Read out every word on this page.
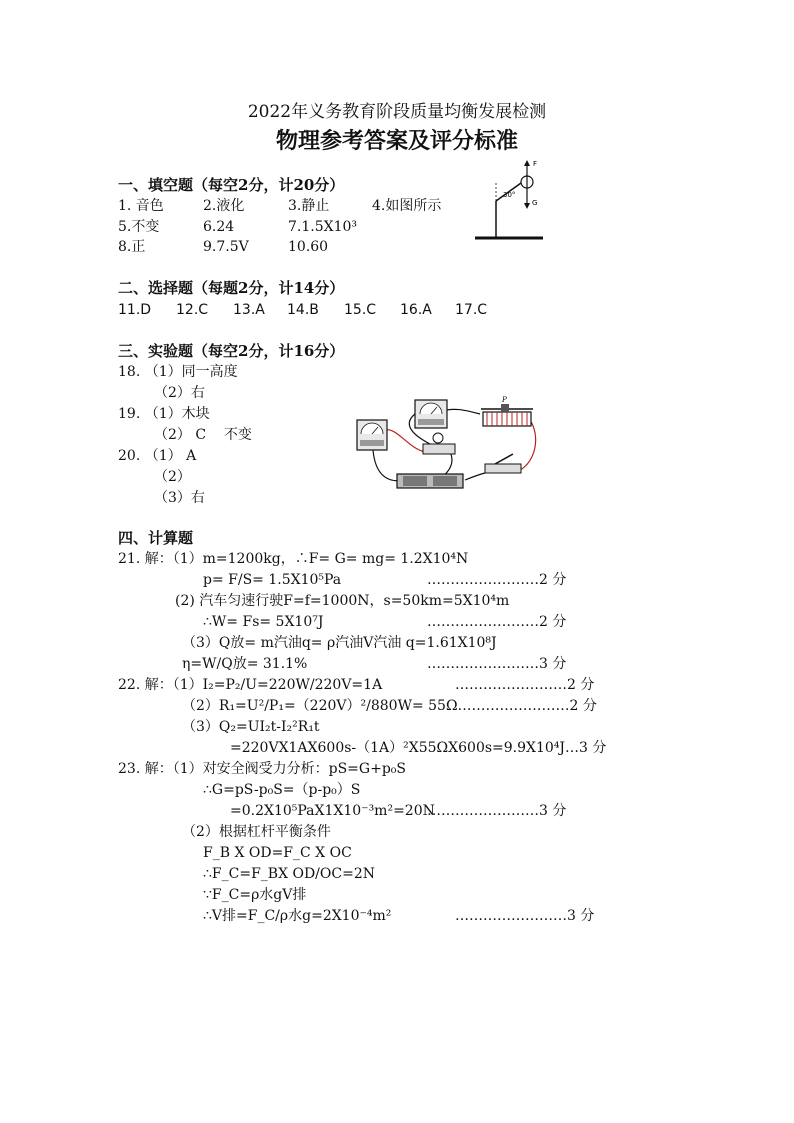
2022年义务教育阶段质量均衡发展检测
物理参考答案及评分标准
F
30°
G
一、填空题（每空2分，计20分）
1. 音色	2.液化	3.静止	4.如图所示
5.不变	6.24	7.1.5X10³
8.正	9.7.5V	10.60
二、选择题（每题2分，计14分）
11.D 12.C 13.A 14.B 15.C 16.A 17.C
三、实验题（每空2分，计16分）
18. （1）同一高度
（2）右
19. （1）木块
（2） C    不变
20. （1） A
（2）
（3）右
P
四、计算题
21. 解：（1）m=1200kg，∴F= G= mg= 1.2X10⁴N
p= F/S= 1.5X10⁵Pa	……………………2 分
(2) 汽车匀速行驶F=f=1000N，s=50km=5X10⁴m
∴W= Fs= 5X10⁷J	……………………2 分
（3）Q放= m汽油q= ρ汽油V汽油 q=1.61X10⁸J
η=W/Q放= 31.1%	……………………3 分
22. 解：（1）I₂=P₂/U=220W/220V=1A	……………………2 分
（2）R₁=U²/P₁=（220V）²/880W= 55Ω……………………2 分
（3）Q₂=UI₂t-I₂²R₁t
=220VX1AX600s-（1A）²X55ΩX600s=9.9X10⁴J…3 分
23. 解：（1）对安全阀受力分析：pS=G+p₀S
∴G=pS-p₀S=（p-p₀）S
=0.2X10⁵PaX1X10⁻³m²=20N
……………………3 分
（2）根据杠杆平衡条件
F_B X OD=F_C X OC
∴F_C=F_BX OD/OC=2N
∵F_C=ρ水gV排
∴V排=F_C/ρ水g=2X10⁻⁴m²	……………………3 分
